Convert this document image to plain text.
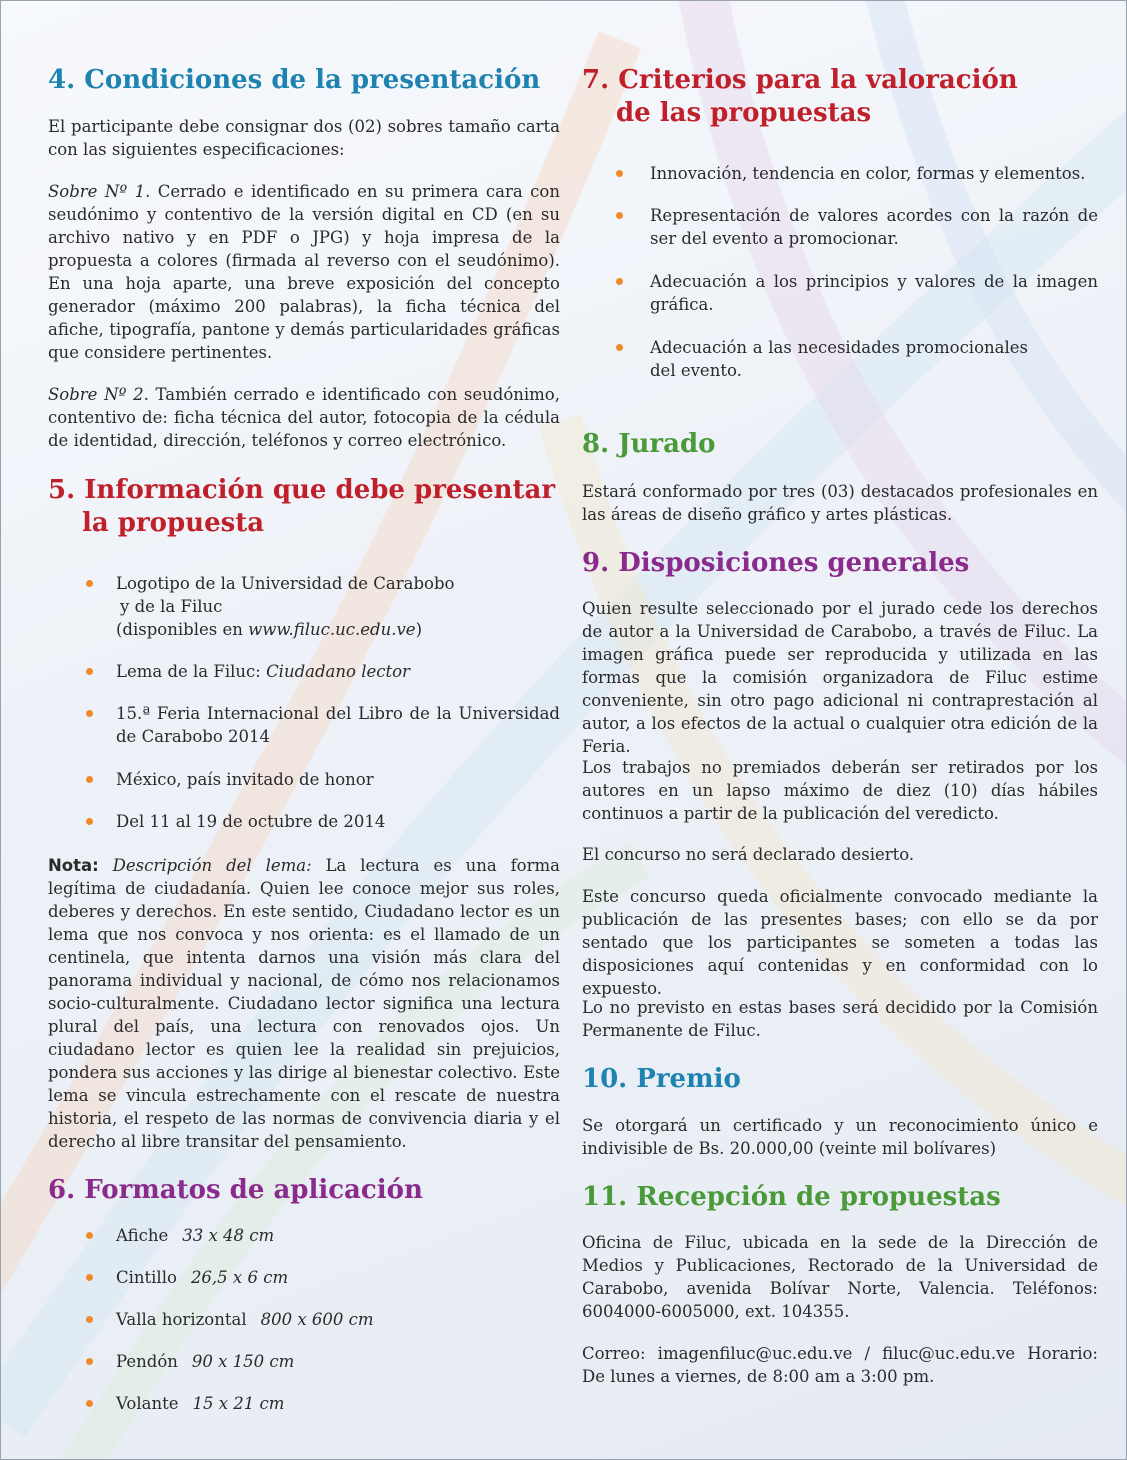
4. Condiciones de la presentación

El participante debe consignar dos (02) sobres tamaño carta con las siguientes especificaciones:

Sobre Nº 1. Cerrado e identificado en su primera cara con seudónimo y contentivo de la versión digital en CD (en su archivo nativo y en PDF o JPG) y hoja impresa de la propuesta a colores (firmada al reverso con el seudónimo). En una hoja aparte, una breve exposición del concepto generador (máximo 200 palabras), la ficha técnica del afiche, tipografía, pantone y demás particularidades gráficas que considere pertinentes.

Sobre Nº 2. También cerrado e identificado con seudónimo, contentivo de: ficha técnica del autor, fotocopia de la cédula de identidad, dirección, teléfonos y correo electrónico.

5. Información que debe presentar
la propuesta
Logotipo de la Universidad de Carabobo
y de la Filuc
(disponibles en www.filuc.uc.edu.ve)
Lema de la Filuc: Ciudadano lector
15.ª Feria Internacional del Libro de la Universidad de Carabobo 2014
México, país invitado de honor
Del 11 al 19 de octubre de 2014

Nota: Descripción del lema: La lectura es una forma legítima de ciudadanía. Quien lee conoce mejor sus roles, deberes y derechos. En este sentido, Ciudadano lector es un lema que nos convoca y nos orienta: es el llamado de un centinela, que intenta darnos una visión más clara del panorama individual y nacional, de cómo nos relacionamos socio-culturalmente. Ciudadano lector significa una lectura plural del país, una lectura con renovados ojos. Un ciudadano lector es quien lee la realidad sin prejuicios, pondera sus acciones y las dirige al bienestar colectivo. Este lema se vincula estrechamente con el rescate de nuestra historia, el respeto de las normas de convivencia diaria y el derecho al libre transitar del pensamiento.

6. Formatos de aplicación
Afiche 33 x 48 cm
Cintillo 26,5 x 6 cm
Valla horizontal 800 x 600 cm
Pendón 90 x 150 cm
Volante 15 x 21 cm
7. Criterios para la valoración
de las propuestas
Innovación, tendencia en color, formas y elementos.
Representación de valores acordes con la razón de ser del evento a promocionar.
Adecuación a los principios y valores de la imagen gráfica.
Adecuación a las necesidades promocionales del evento.
8. Jurado

Estará conformado por tres (03) destacados profesionales en las áreas de diseño gráfico y artes plásticas.

9. Disposiciones generales

Quien resulte seleccionado por el jurado cede los derechos de autor a la Universidad de Carabobo, a través de Filuc. La imagen gráfica puede ser reproducida y utilizada en las formas que la comisión organizadora de Filuc estime conveniente, sin otro pago adicional ni contraprestación al autor, a los efectos de la actual o cualquier otra edición de la Feria.

Los trabajos no premiados deberán ser retirados por los autores en un lapso máximo de diez (10) días hábiles continuos a partir de la publicación del veredicto.

El concurso no será declarado desierto.

Este concurso queda oficialmente convocado mediante la publicación de las presentes bases; con ello se da por sentado que los participantes se someten a todas las disposiciones aquí contenidas y en conformidad con lo expuesto.

Lo no previsto en estas bases será decidido por la Comisión Permanente de Filuc.

10. Premio

Se otorgará un certificado y un reconocimiento único e indivisible de Bs. 20.000,00 (veinte mil bolívares)

11. Recepción de propuestas

Oficina de Filuc, ubicada en la sede de la Dirección de Medios y Publicaciones, Rectorado de la Universidad de Carabobo, avenida Bolívar Norte, Valencia. Teléfonos: 6004000-6005000, ext. 104355.

Correo: imagenfiluc@uc.edu.ve / filuc@uc.edu.ve Horario: De lunes a viernes, de 8:00 am a 3:00 pm.
